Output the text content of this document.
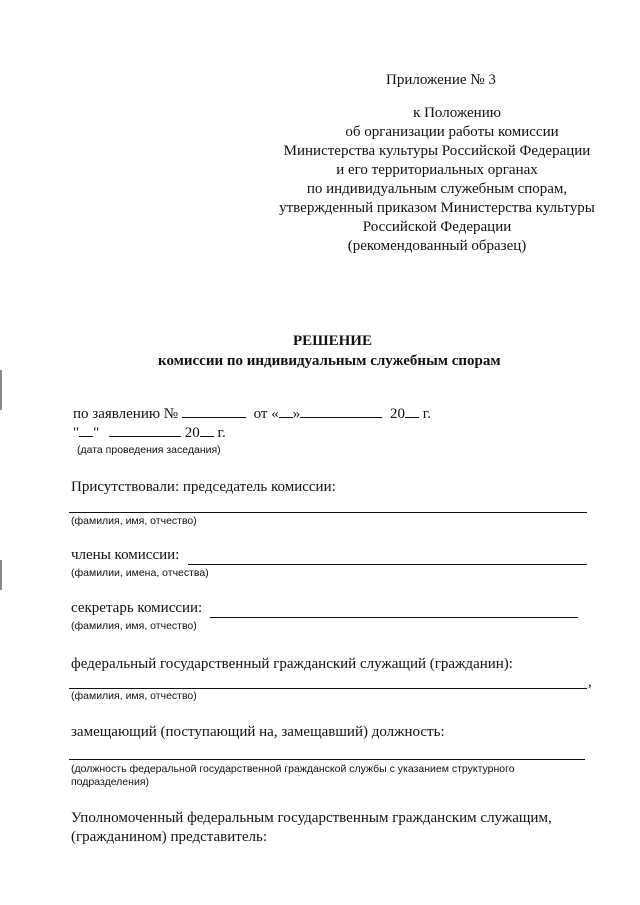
Приложение № 3
к Положению
об организации работы комиссии
Министерства культуры Российской Федерации
и его территориальных органах
по индивидуальным служебным спорам,
утвержденный приказом Министерства культуры
Российской Федерации
(рекомендованный образец)
РЕШЕНИЕ
комиссии по индивидуальным служебным спорам
по заявлению №	от « »	20 г.
" "	20 г.
(дата проведения заседания)
Присутствовали: председатель комиссии:
(фамилия, имя, отчество)
члены комиссии:
(фамилии, имена, отчества)
секретарь комиссии:
(фамилия, имя, отчество)
федеральный государственный гражданский служащий (гражданин):
,
(фамилия, имя, отчество)
замещающий (поступающий на, замещавший) должность:
(должность федеральной государственной гражданской службы с указанием структурного
подразделения)
Уполномоченный федеральным государственным гражданским служащим,
(гражданином) представитель:
